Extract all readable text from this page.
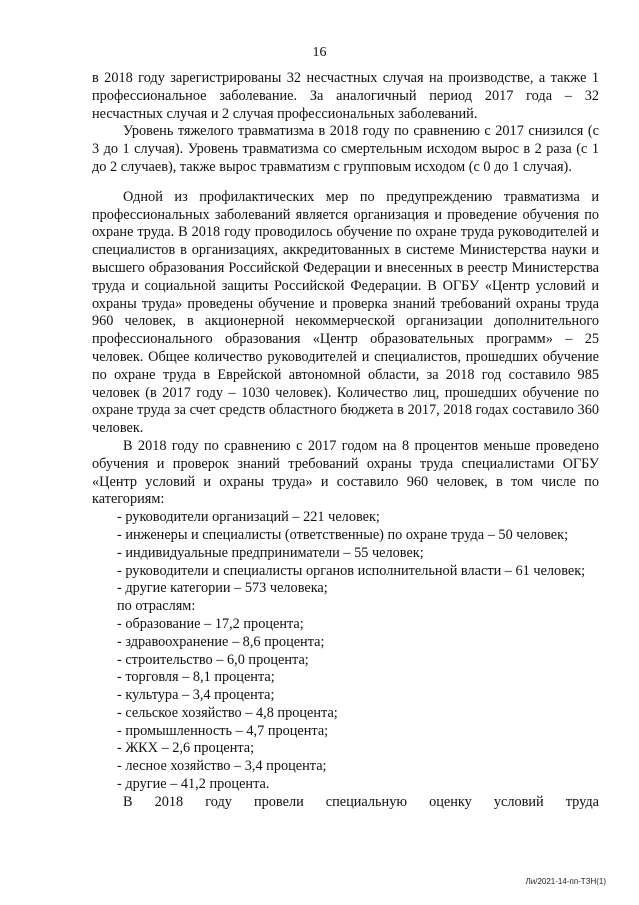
16

в 2018 году зарегистрированы 32 несчастных случая на производстве, а также 1 профессиональное заболевание. За аналогичный период 2017 года – 32 несчастных случая и 2 случая профессиональных заболеваний.

Уровень тяжелого травматизма в 2018 году по сравнению с 2017 снизился (с 3 до 1 случая). Уровень травматизма со смертельным исходом вырос в 2 раза (с 1 до 2 случаев), также вырос травматизм с групповым исходом (с 0 до 1 случая).

Одной из профилактических мер по предупреждению травматизма и профессиональных заболеваний является организация и проведение обучения по охране труда. В 2018 году проводилось обучение по охране труда руководителей и специалистов в организациях, аккредитованных в системе Министерства науки и высшего образования Российской Федерации и внесенных в реестр Министерства труда и социальной защиты Российской Федерации. В ОГБУ «Центр условий и охраны труда» проведены обучение и проверка знаний требований охраны труда 960 человек, в акционерной некоммерческой организации дополнительного профессионального образования «Центр образовательных программ» – 25 человек. Общее количество руководителей и специалистов, прошедших обучение по охране труда в Еврейской автономной области, за 2018 год составило 985 человек (в 2017 году – 1030 человек). Количество лиц, прошедших обучение по охране труда за счет средств областного бюджета в 2017, 2018 годах составило 360 человек.

В 2018 году по сравнению с 2017 годом на 8 процентов меньше проведено обучения и проверок знаний требований охраны труда специалистами ОГБУ «Центр условий и охраны труда» и составило 960 человек, в том числе по категориям:

- руководители организаций – 221 человек;

- инженеры и специалисты (ответственные) по охране труда – 50 человек;

- индивидуальные предприниматели – 55 человек;

- руководители и специалисты органов исполнительной власти – 61 человек;

- другие категории – 573 человека;

по отраслям:

- образование – 17,2 процента;

- здравоохранение – 8,6 процента;

- строительство – 6,0 процента;

- торговля – 8,1 процента;

- культура – 3,4 процента;

- сельское хозяйство – 4,8 процента;

- промышленность – 4,7 процента;

- ЖКХ – 2,6 процента;

- лесное хозяйство – 3,4 процента;

- другие – 41,2 процента.

В 2018 году провели специальную оценку условий труда

Ли/2021-14-пп-ТЗН(1)
